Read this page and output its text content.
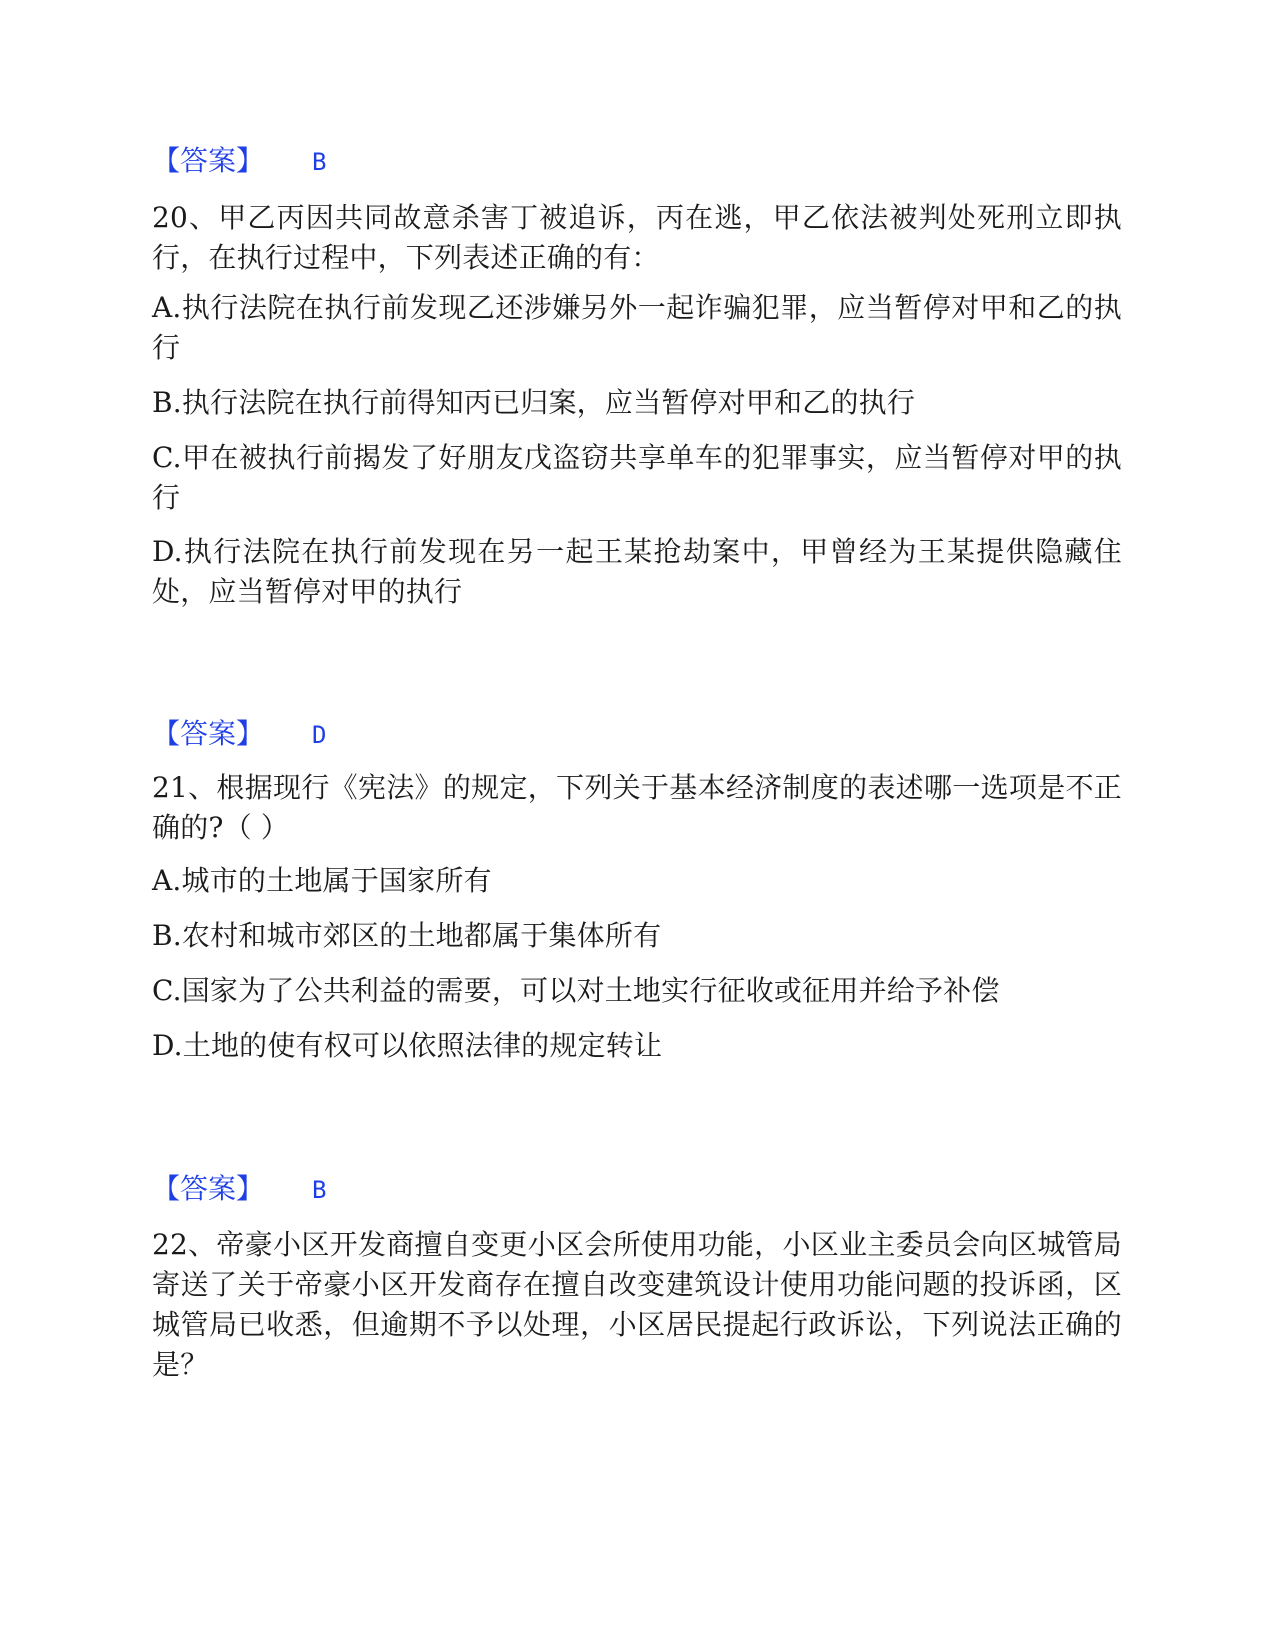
【答案】 B

20、甲乙丙因共同故意杀害丁被追诉，丙在逃，甲乙依法被判处死刑立即执行，在执行过程中，下列表述正确的有：

A.执行法院在执行前发现乙还涉嫌另外一起诈骗犯罪，应当暂停对甲和乙的执行

B.执行法院在执行前得知丙已归案，应当暂停对甲和乙的执行

C.甲在被执行前揭发了好朋友戊盗窃共享单车的犯罪事实，应当暂停对甲的执行

D.执行法院在执行前发现在另一起王某抢劫案中，甲曾经为王某提供隐藏住处，应当暂停对甲的执行

【答案】 D

21、根据现行《宪法》的规定，下列关于基本经济制度的表述哪一选项是不正确的?（ ）

A.城市的土地属于国家所有

B.农村和城市郊区的土地都属于集体所有

C.国家为了公共利益的需要，可以对土地实行征收或征用并给予补偿

D.土地的使有权可以依照法律的规定转让

【答案】 B

22、帝豪小区开发商擅自变更小区会所使用功能，小区业主委员会向区城管局寄送了关于帝豪小区开发商存在擅自改变建筑设计使用功能问题的投诉函，区城管局已收悉，但逾期不予以处理，小区居民提起行政诉讼，下列说法正确的是？
